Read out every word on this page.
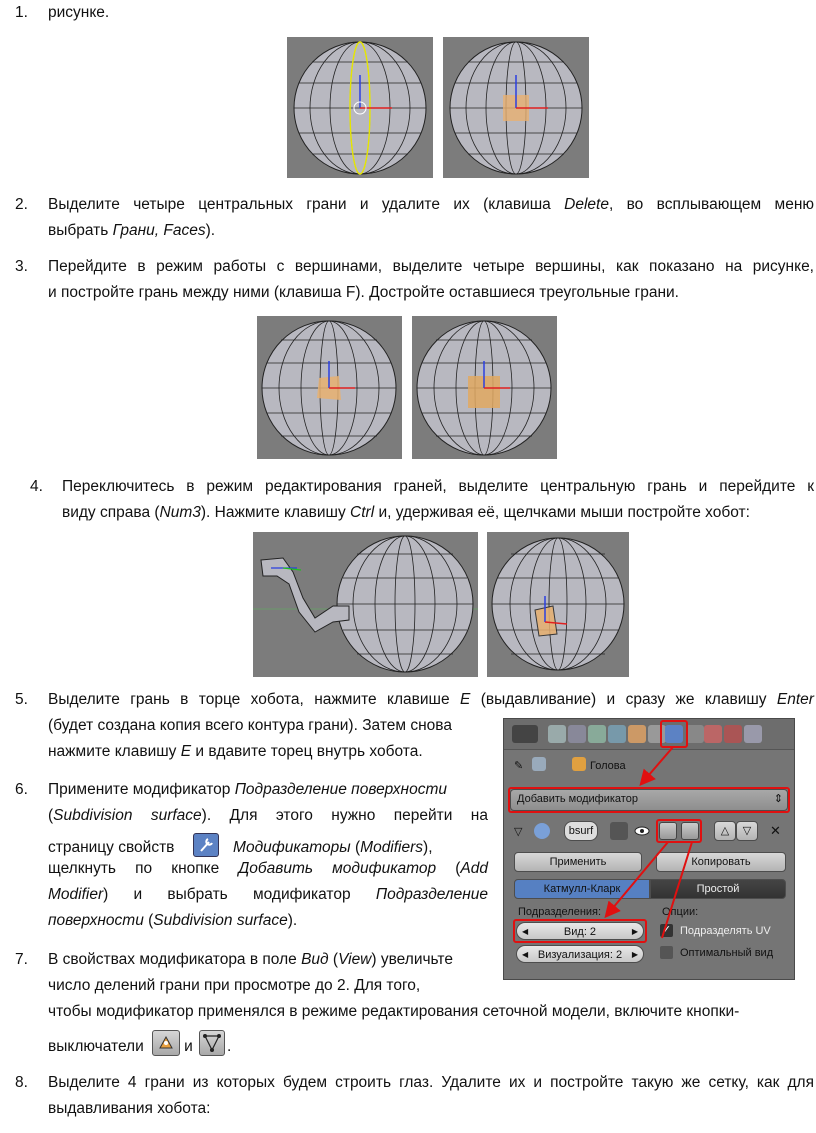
1. рисунке.
2. Выделите четыре центральных грани и удалите их (клавиша Delete, во всплывающем меню
выбрать Грани, Faces).
3. Перейдите в режим работы с вершинами, выделите четыре вершины, как показано на рисунке,
и постройте грань между ними (клавиша F). Достройте оставшиеся треугольные грани.
4. Переключитесь в режим редактирования граней, выделите центральную грань и перейдите к
виду справа (Num3). Нажмите клавишу Ctrl и, удерживая её, щелчками мыши постройте хобот:
5. Выделите грань в торце хобота, нажмите клавише E (выдавливание) и сразу же клавишу Enter
(будет создана копия всего контура грани). Затем снова
нажмите клавишу E и вдавите торец внутрь хобота.
6. Примените модификатор Подразделение поверхности
(Subdivision surface). Для этого нужно перейти на
страницу свойств	Модификаторы (Modifiers),
щелкнуть по кнопке Добавить модификатор (Add
Modifier) и выбрать модификатор Подразделение
поверхности (Subdivision surface).
7. В свойствах модификатора в поле Вид (View) увеличьте
число делений грани при просмотре до 2. Для того,
чтобы модификатор применялся в режиме редактирования сеточной модели, включите кнопки-
выключатели	и .
8. Выделите 4 грани из которых будем строить глаз. Удалите их и постройте такую же сетку, как для
выдавливания хобота:
✎	Голова
Добавить модификатор	⇕
▽	bsurf	△	▽	✕
Применить	Копировать
Катмулл-Кларк	Простой
Подразделения:	Опции:
◀	Вид: 2	▶
◀ Визуализация: 2 ▶
✓ Подразделять UV
Оптимальный вид
